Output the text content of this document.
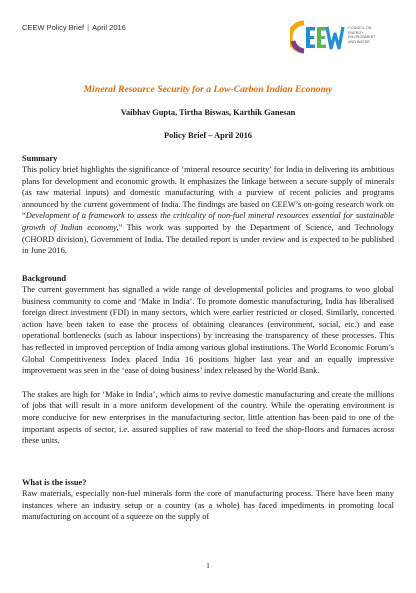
CEEW Policy Brief | April 2016	COUNCIL ON
ENERGY,
ENVIRONMENT
AND WATER
Mineral Resource Security for a Low-Carbon Indian Economy
Vaibhav Gupta, Tirtha Biswas, Karthik Ganesan
Policy Brief – April 2016

Summary

This policy brief highlights the significance of ‘mineral resource security’ for India in delivering its ambitious plans for development and economic growth. It emphasizes the linkage between a secure supply of minerals (as raw material inputs) and domestic manufacturing with a purview of recent policies and programs announced by the current government of India. The findings are based on CEEW’s on-going research work on “Development of a framework to assess the criticality of non-fuel mineral resources essential for sustainable growth of Indian economy,” This work was supported by the Department of Science, and Technology (CHORD division), Government of India. The detailed report is under review and is expected to be published in June 2016.

Background

The current government has signalled a wide range of developmental policies and programs to woo global business community to come and ‘Make in India’. To promote domestic manufacturing, India has liberalised foreign direct investment (FDI) in many sectors, which were earlier restricted or closed. Similarly, concerted action have been taken to ease the process of obtaining clearances (environment, social, etc.) and ease operational bottlenecks (such as labour inspections) by increasing the transparency of these processes. This has reflected in improved perception of India among various global institutions. The World Economic Forum’s Global Competitiveness Index placed India 16 positions higher last year and an equally impressive improvement was seen in the ‘ease of doing business’ index released by the World Bank.

The stakes are high for ‘Make in India’, which aims to revive domestic manufacturing and create the millions of jobs that will result in a more uniform development of the country. While the operating environment is more conducive for new enterprises in the manufacturing sector, little attention has been paid to one of the important aspects of sector, i.e. assured supplies of raw material to feed the shop-floors and furnaces across these units.

What is the issue?

Raw materials, especially non-fuel minerals form the core of manufacturing process. There have been many instances where an industry setup or a country (as a whole) has faced impediments in promoting local manufacturing on account of a squeeze on the supply of

1
